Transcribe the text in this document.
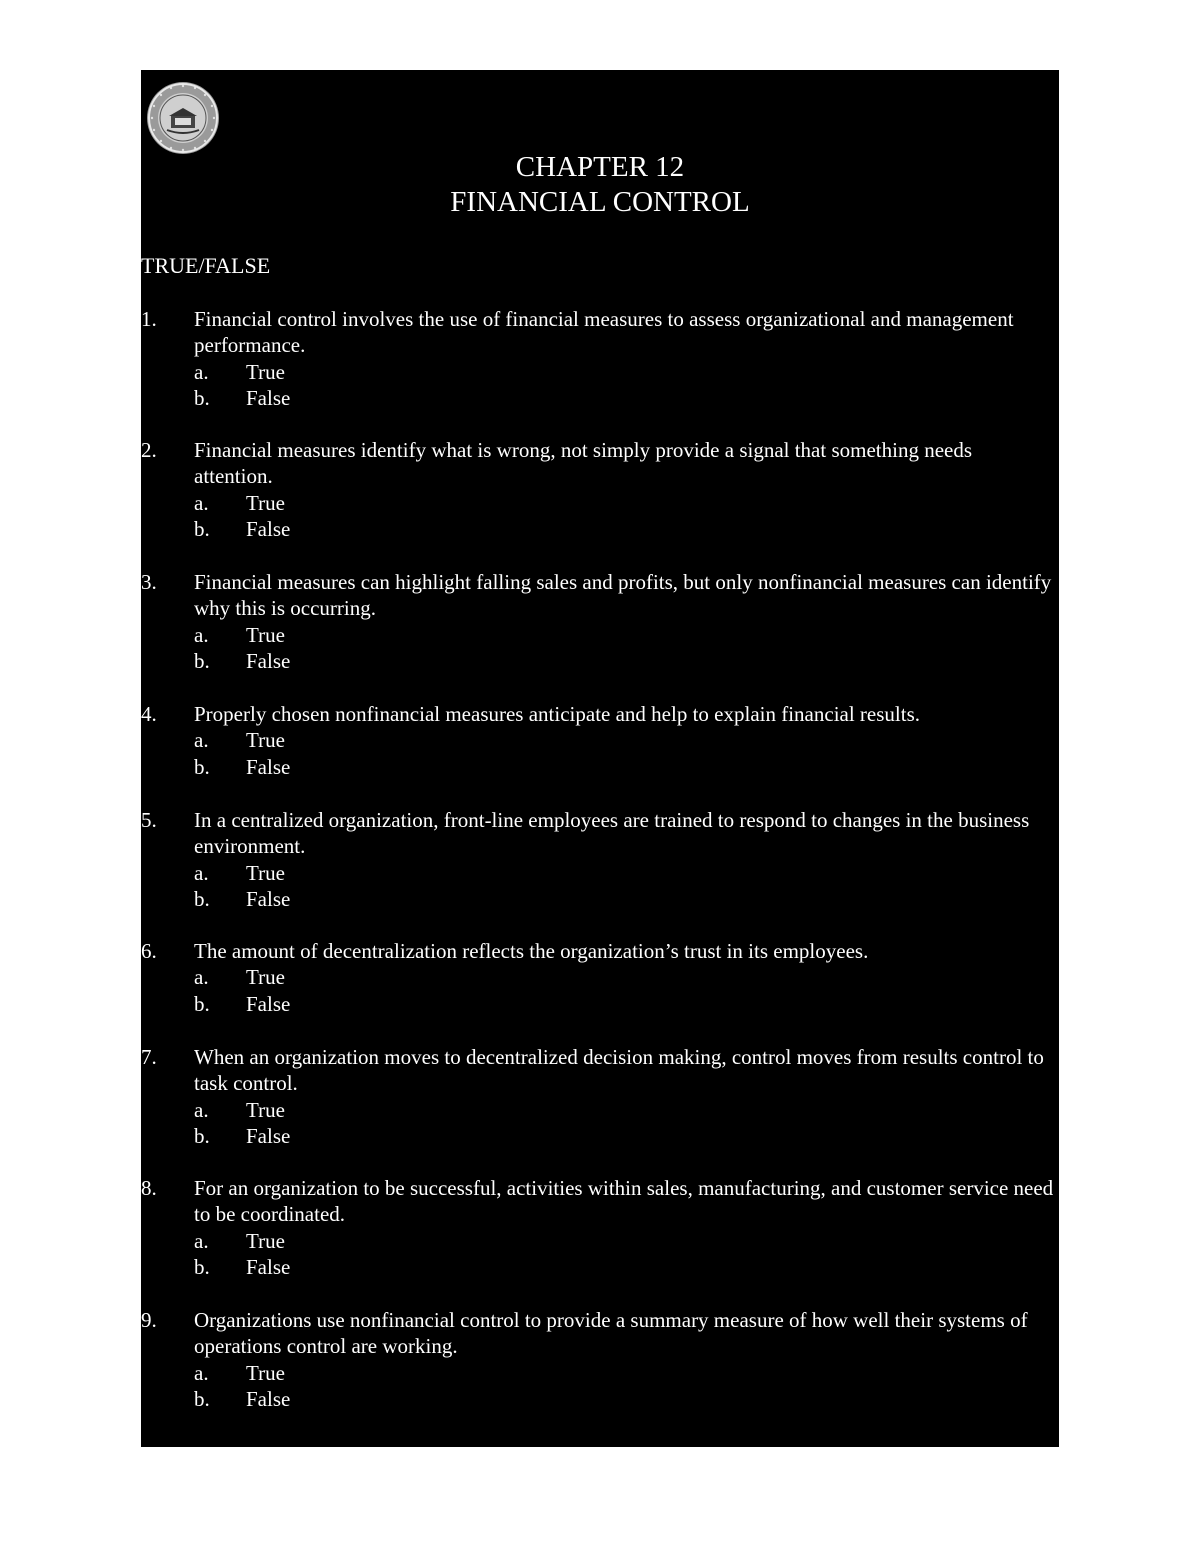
CHAPTER 12
FINANCIAL CONTROL
TRUE/FALSE
1. Financial control involves the use of financial measures to assess organizational and management performance.
a. True
b. False
2. Financial measures identify what is wrong, not simply provide a signal that something needs attention.
a. True
b. False
3. Financial measures can highlight falling sales and profits, but only nonfinancial measures can identify why this is occurring.
a. True
b. False
4. Properly chosen nonfinancial measures anticipate and help to explain financial results.
a. True
b. False
5. In a centralized organization, front-line employees are trained to respond to changes in the business environment.
a. True
b. False
6. The amount of decentralization reflects the organization’s trust in its employees.
a. True
b. False
7. When an organization moves to decentralized decision making, control moves from results control to task control.
a. True
b. False
8. For an organization to be successful, activities within sales, manufacturing, and customer service need to be coordinated.
a. True
b. False
9. Organizations use nonfinancial control to provide a summary measure of how well their systems of operations control are working.
a. True
b. False
